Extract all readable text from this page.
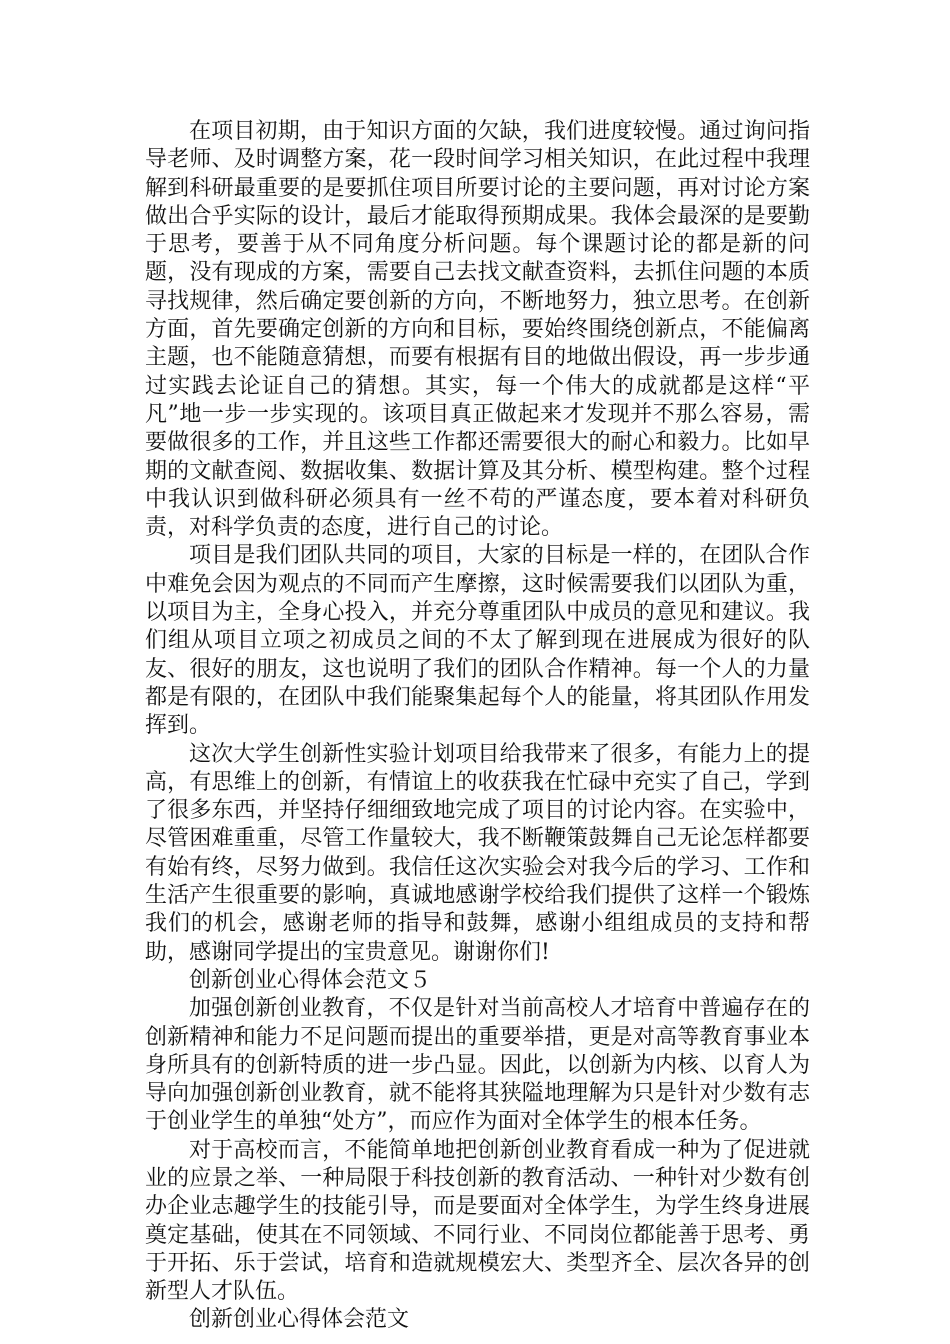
在项目初期，由于知识方面的欠缺，我们进度较慢。通过询问指导老师、及时调整方案，花一段时间学习相关知识，在此过程中我理解到科研最重要的是要抓住项目所要讨论的主要问题，再对讨论方案做出合乎实际的设计，最后才能取得预期成果。我体会最深的是要勤于思考，要善于从不同角度分析问题。每个课题讨论的都是新的问题，没有现成的方案，需要自己去找文献查资料，去抓住问题的本质寻找规律，然后确定要创新的方向，不断地努力，独立思考。在创新方面，首先要确定创新的方向和目标，要始终围绕创新点，不能偏离主题，也不能随意猜想，而要有根据有目的地做出假设，再一步步通过实践去论证自己的猜想。其实，每一个伟大的成就都是这样“平凡”地一步一步实现的。该项目真正做起来才发现并不那么容易，需要做很多的工作，并且这些工作都还需要很大的耐心和毅力。比如早期的文献查阅、数据收集、数据计算及其分析、模型构建。整个过程中我认识到做科研必须具有一丝不苟的严谨态度，要本着对科研负责，对科学负责的态度，进行自己的讨论。

项目是我们团队共同的项目，大家的目标是一样的，在团队合作中难免会因为观点的不同而产生摩擦，这时候需要我们以团队为重，以项目为主，全身心投入，并充分尊重团队中成员的意见和建议。我们组从项目立项之初成员之间的不太了解到现在进展成为很好的队友、很好的朋友，这也说明了我们的团队合作精神。每一个人的力量都是有限的，在团队中我们能聚集起每个人的能量，将其团队作用发挥到。

这次大学生创新性实验计划项目给我带来了很多，有能力上的提高，有思维上的创新，有情谊上的收获我在忙碌中充实了自己，学到了很多东西，并坚持仔细细致地完成了项目的讨论内容。在实验中，尽管困难重重，尽管工作量较大，我不断鞭策鼓舞自己无论怎样都要有始有终，尽努力做到。我信任这次实验会对我今后的学习、工作和生活产生很重要的影响，真诚地感谢学校给我们提供了这样一个锻炼我们的机会，感谢老师的指导和鼓舞，感谢小组组成员的支持和帮助，感谢同学提出的宝贵意见。谢谢你们!

创新创业心得体会范文５

加强创新创业教育，不仅是针对当前高校人才培育中普遍存在的创新精神和能力不足问题而提出的重要举措，更是对高等教育事业本身所具有的创新特质的进一步凸显。因此，以创新为内核、以育人为导向加强创新创业教育，就不能将其狭隘地理解为只是针对少数有志于创业学生的单独“处方”，而应作为面对全体学生的根本任务。

对于高校而言，不能简单地把创新创业教育看成一种为了促进就业的应景之举、一种局限于科技创新的教育活动、一种针对少数有创办企业志趣学生的技能引导，而是要面对全体学生，为学生终身进展奠定基础，使其在不同领域、不同行业、不同岗位都能善于思考、勇于开拓、乐于尝试，培育和造就规模宏大、类型齐全、层次各异的创新型人才队伍。

创新创业心得体会范文
